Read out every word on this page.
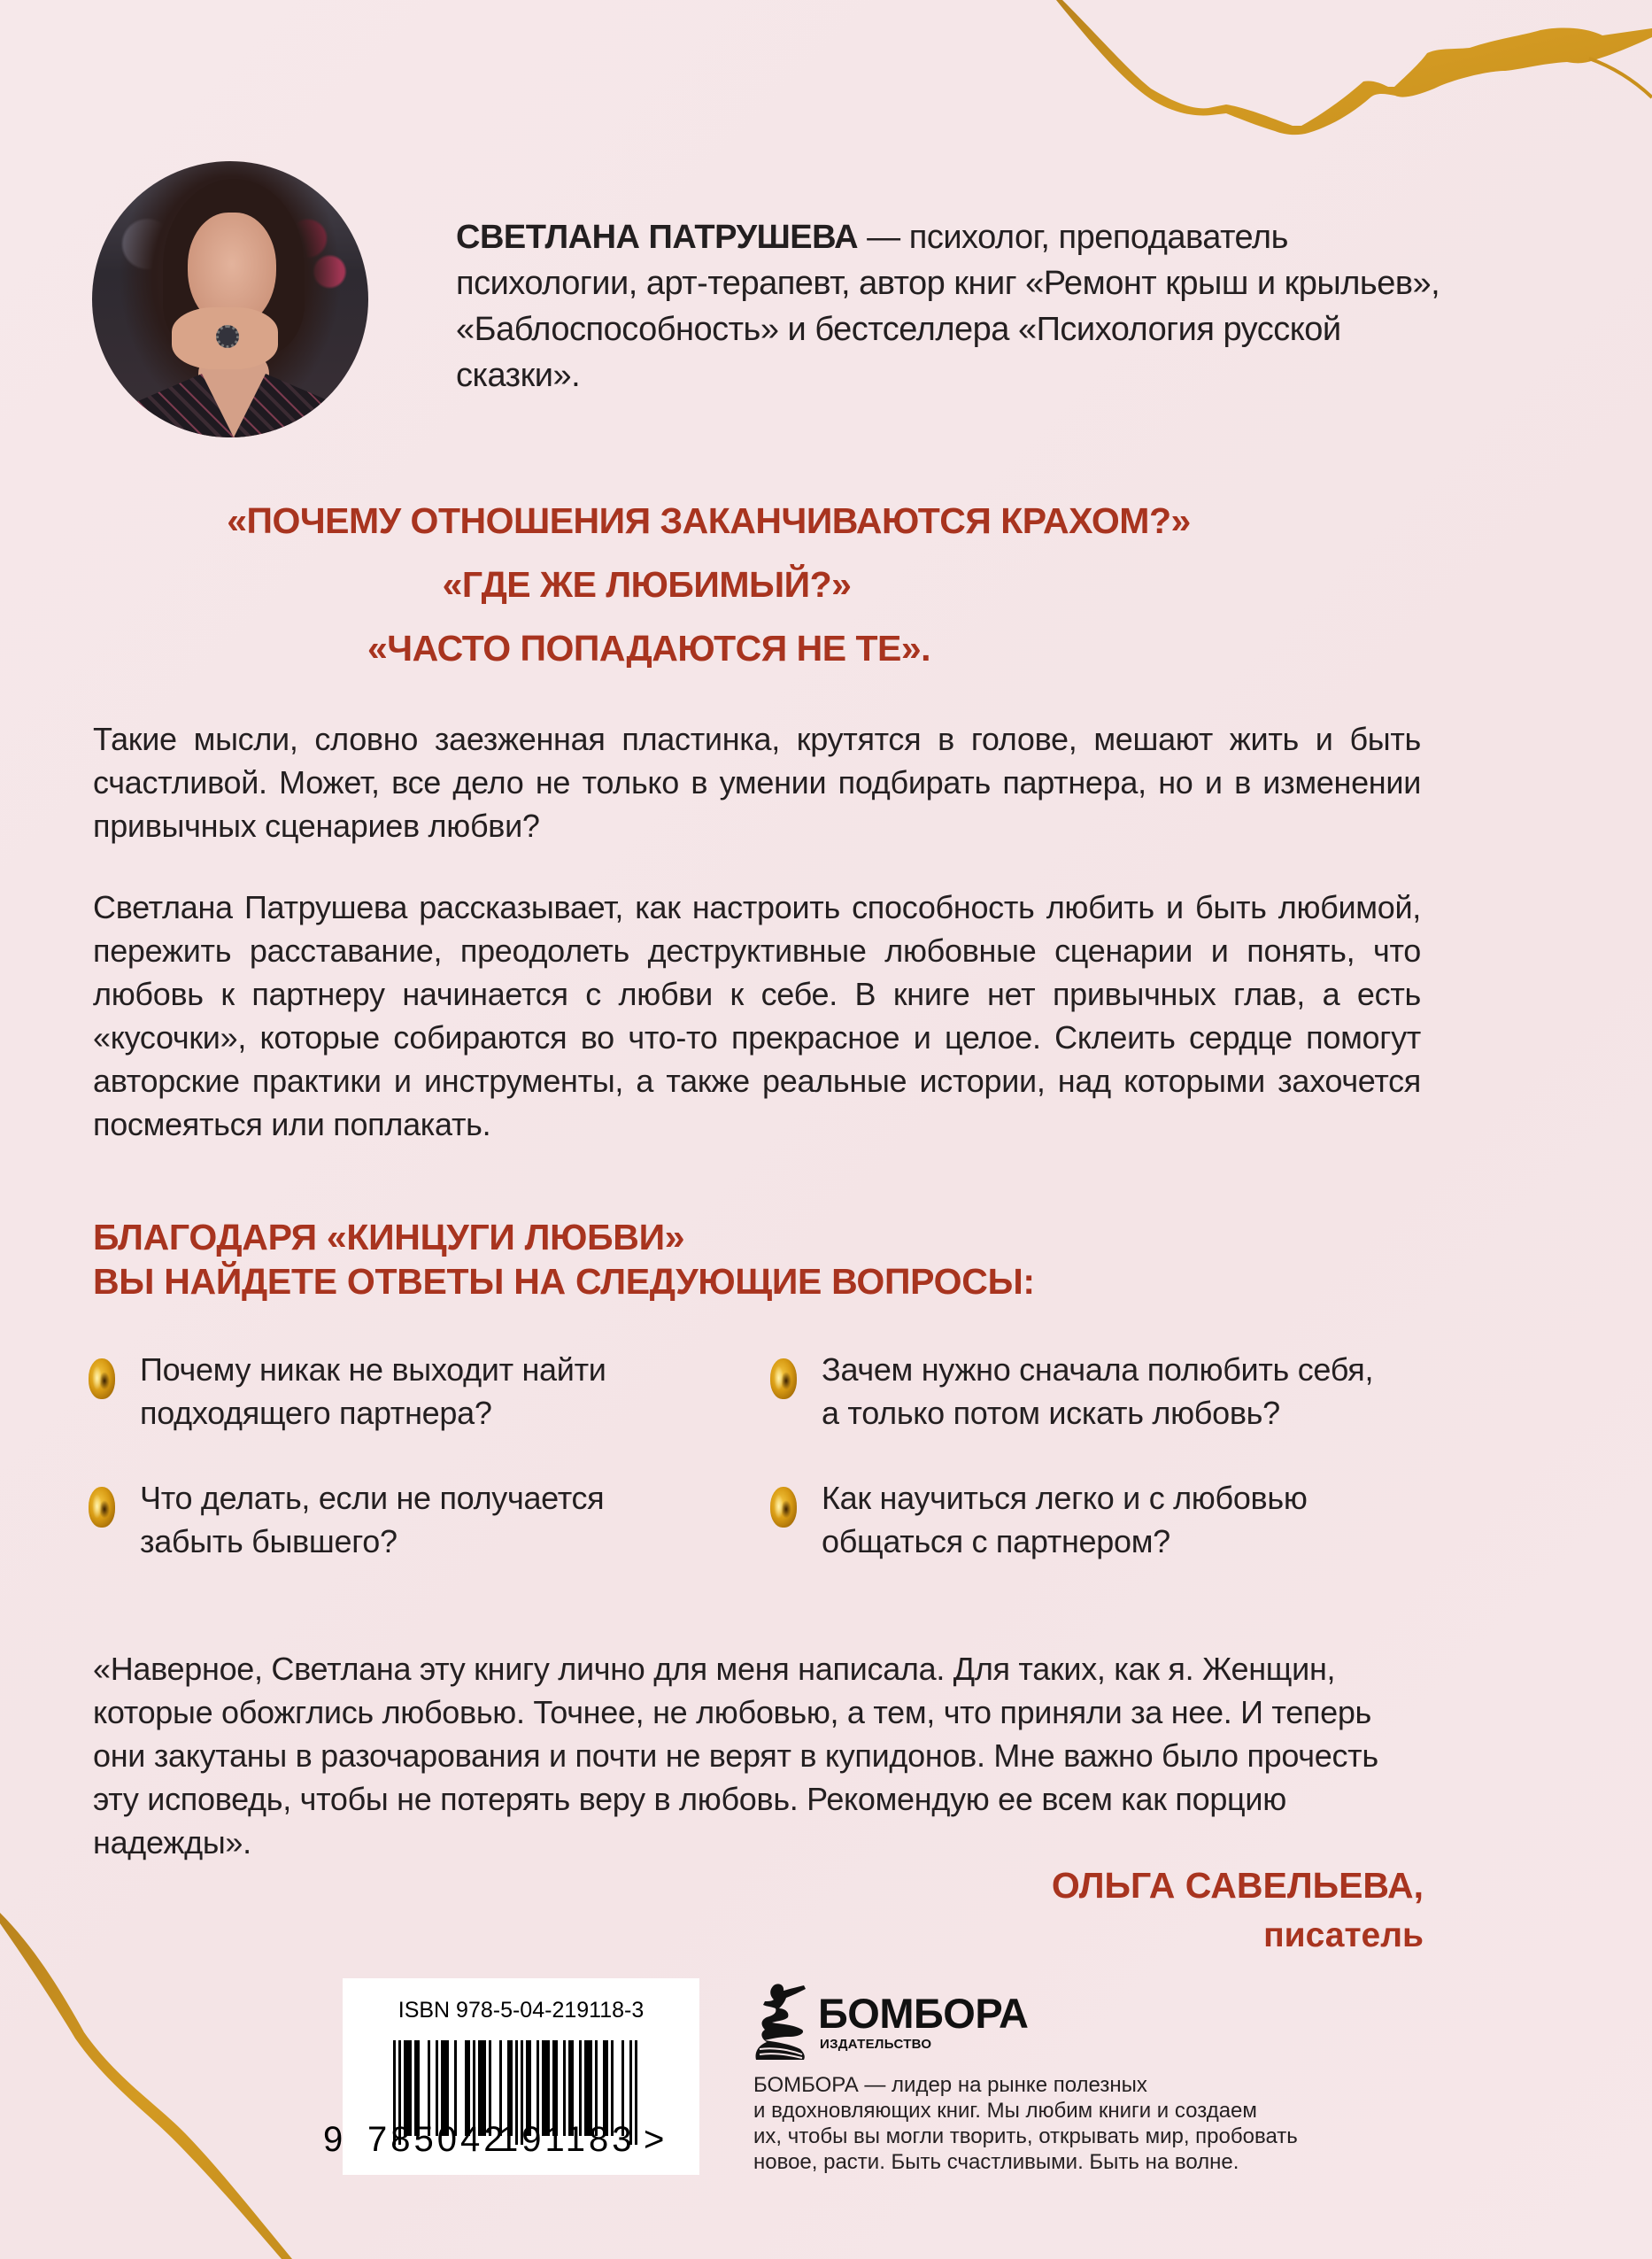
СВЕТЛАНА ПАТРУШЕВА — психолог, преподаватель психологии, арт-терапевт, автор книг «Ремонт крыш и крыльев», «Баблоспособность» и бестселлера «Психология русской сказки».

«ПОЧЕМУ ОТНОШЕНИЯ ЗАКАНЧИВАЮТСЯ КРАХОМ?»
«ГДЕ ЖЕ ЛЮБИМЫЙ?»
«ЧАСТО ПОПАДАЮТСЯ НЕ ТЕ».

Такие мысли, словно заезженная пластинка, крутятся в голове, мешают жить и быть счастливой. Может, все дело не только в умении подбирать партнера, но и в изменении привычных сценариев любви?

Светлана Патрушева рассказывает, как настроить способность любить и быть любимой, пережить расставание, преодолеть деструктивные любовные сценарии и понять, что любовь к партнеру начинается с любви к себе. В книге нет привычных глав, а есть «кусочки», которые собираются во что-то прекрасное и целое. Склеить сердце помогут авторские практики и инструменты, а также реальные истории, над которыми захочется посмеяться или поплакать.

БЛАГОДАРЯ «КИНЦУГИ ЛЮБВИ»
ВЫ НАЙДЕТЕ ОТВЕТЫ НА СЛЕДУЮЩИЕ ВОПРОСЫ:
Почему никак не выходит найти подходящего партнера?
Зачем нужно сначала полюбить себя, а только потом искать любовь?
Что делать, если не получается забыть бывшего?
Как научиться легко и с любовью общаться с партнером?

«Наверное, Светлана эту книгу лично для меня написала. Для таких, как я. Женщин, которые обожглись любовью. Точнее, не любовью, а тем, что приняли за нее. И теперь они закутаны в разочарования и почти не верят в купидонов. Мне важно было прочесть эту исповедь, чтобы не потерять веру в любовь. Рекомендую ее всем как порцию надежды».

ОЛЬГА САВЕЛЬЕВА,
писатель
ISBN 978-5-04-219118-3
9 785042
191183 >
БОМБОРА
ИЗДАТЕЛЬСТВО
БОМБОРА — лидер на рынке полезных
и вдохновляющих книг. Мы любим книги и создаем
их, чтобы вы могли творить, открывать мир, пробовать
новое, расти. Быть счастливыми. Быть на волне.
